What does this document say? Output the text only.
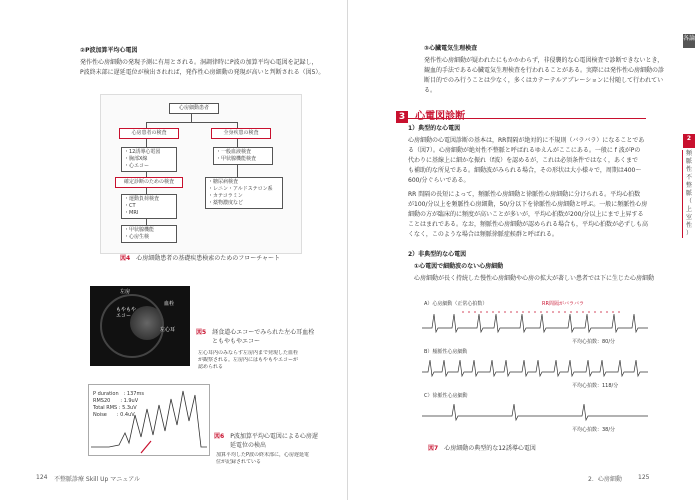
②P波加算平均心電図
発作性心房細動の発現予測に有用とされる。洞調律時にP波の加算平均心電図を記録し，
P波終末部に遅延電位が検出されれば，発作性心房細動の発現が高いと判断される（図5）。
心房細動患者
心房患者の検査	全身疾患の検査
・12誘導心電図
・胸部X線
・心エコー
・一般血液検査
・甲状腺機能検査
確定診断のための検査	・糖尿病検査
・レニン・アルドステロン系
・カテコラミン
・薬物濃度など
・運動負荷検査
・CT
・MRI
・甲状腺機能
・心房生検
図4　 心房細動患者の基礎疾患検索のためのフローチャート
左房
血栓
もやもや
エコー
左心耳	図5　 経食道心エコーでみられた左心耳血栓
ともやもやエコー
左心耳内のみならず左房内まで発現した血栓
が観察される。左房内にはもやもやエコーが
認められる
P duration　: 137ms
RMS20　　: 1.9uV
Total RMS : 5.3uV
Noise　　: 0.4uV
図6　 P波加算平均心電図による心房遅
延電位の検出
加算平均したP波の終末部に，心房遅延電
位が記録されている
124 不整脈診療 Skill Up マニュアル
③心臓電気生理検査
発作性心房細動が疑われたにもかかわらず，非侵襲的な心電図検査で診断できないとき，
観血的手法である心臓電気生理検査を行われることがある。実際には発作性心房細動の診
断目的でのみ行うことは少なく，多くはカテーテルアブレーションに付随して行われてい
る。
3 心電図診断
1）典型的な心電図
心房細動の心電図診断の基本は，RR間隔が絶対的に不規則（バラバラ）になることであ
る（図7）。心房細動が絶対性不整脈と呼ばれるゆえんがここにある。一般に f 波がPの
代わりに基線上に細かな振れ（f波）を認めるが，これは必須条件ではなく，あくまで
も補助的な所見である。細動波がみられる場合，その形状は大小様々で，周期は400～
600/分ぐらいである。
RR 間隔の長短によって，頻脈性心房細動と徐脈性心房細動に分けられる。平均心拍数
が100/分以上を頻脈性心房細動，50/分以下を徐脈性心房細動と呼ぶ。一般に頻脈性心房
細動の方が臨床的に頻度が高いことが多いが，平均心拍数が200/分以上にまで上昇する
ことはまれである。なお，頻脈性心房細動が認められる場合も，平均心拍数が必ずしも高
くなく，このような場合は頻脈徐脈症候群と呼ばれる。
2）非典型的な心電図
①心電図で細動波のない心房細動
心房細動が長く持続した慢性心房細動や心房の拡大が著しい患者では下に生じた心房細動
A）心房細動（正常心拍数）	RR間隔がバラバラ
平均心拍数：80/分
B）頻脈性心房細動
平均心拍数：118/分
C）徐脈性心房細動
平均心拍数：38/分
図7　 心房細動の典型的な12誘導心電図
各論
2
頻
脈
性
不
整
脈
（
上
室
性
）
2．心房細動	125
